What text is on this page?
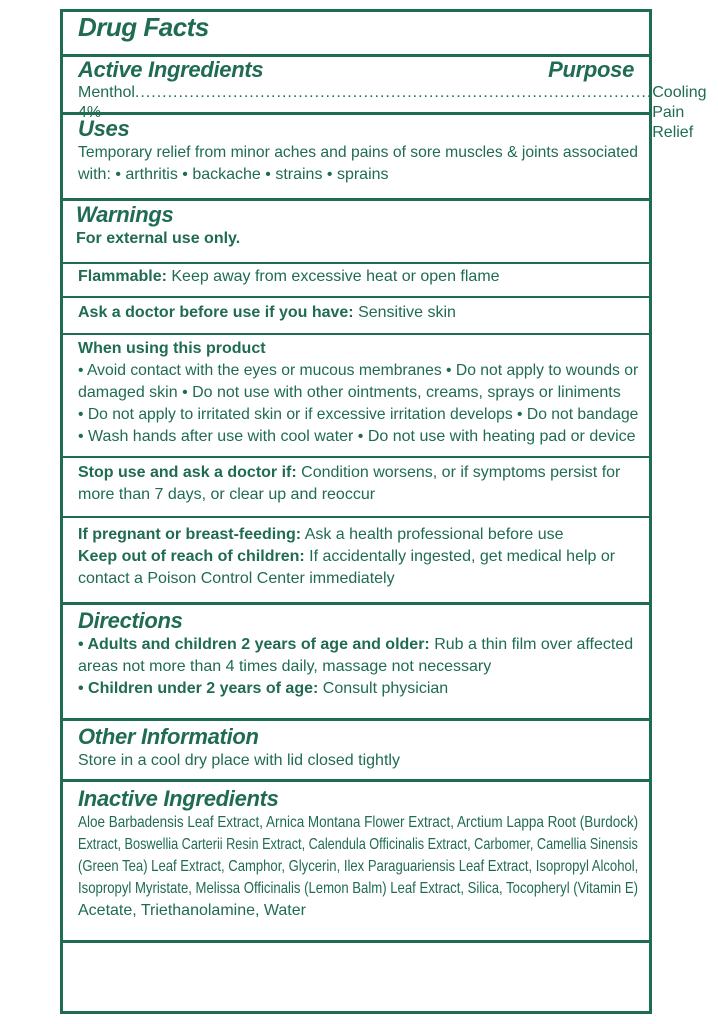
Drug Facts
Active Ingredients	Purpose
Menthol ............................................................................................... Cooling Pain Relief
Uses
Temporary relief from minor aches and pains of sore muscles & joints associated
with: • arthritis • backache • strains • sprains
Warnings
For external use only.
Flammable: Keep away from excessive heat or open flame
Ask a doctor before use if you have: Sensitive skin
When using this product
• Avoid contact with the eyes or mucous membranes • Do not apply to wounds or
damaged skin • Do not use with other ointments, creams, sprays or liniments
• Do not apply to irritated skin or if excessive irritation develops • Do not bandage
• Wash hands after use with cool water • Do not use with heating pad or device
Stop use and ask a doctor if: Condition worsens, or if symptoms persist for
more than 7 days, or clear up and reoccur
If pregnant or breast-feeding: Ask a health professional before use
Keep out of reach of children: If accidentally ingested, get medical help or
contact a Poison Control Center immediately
Directions
• Adults and children 2 years of age and older: Rub a thin film over affected
areas not more than 4 times daily, massage not necessary
• Children under 2 years of age: Consult physician
Other Information
Store in a cool dry place with lid closed tightly
Inactive Ingredients
Aloe Barbadensis Leaf Extract, Arnica Montana Flower Extract, Arctium Lappa Root (Burdock)
Extract, Boswellia Carterii Resin Extract, Calendula Officinalis Extract, Carbomer, Camellia Sinensis
(Green Tea) Leaf Extract, Camphor, Glycerin, Ilex Paraguariensis Leaf Extract, Isopropyl Alcohol,
Isopropyl Myristate, Melissa Officinalis (Lemon Balm) Leaf Extract, Silica, Tocopheryl (Vitamin E)
Acetate, Triethanolamine, Water
